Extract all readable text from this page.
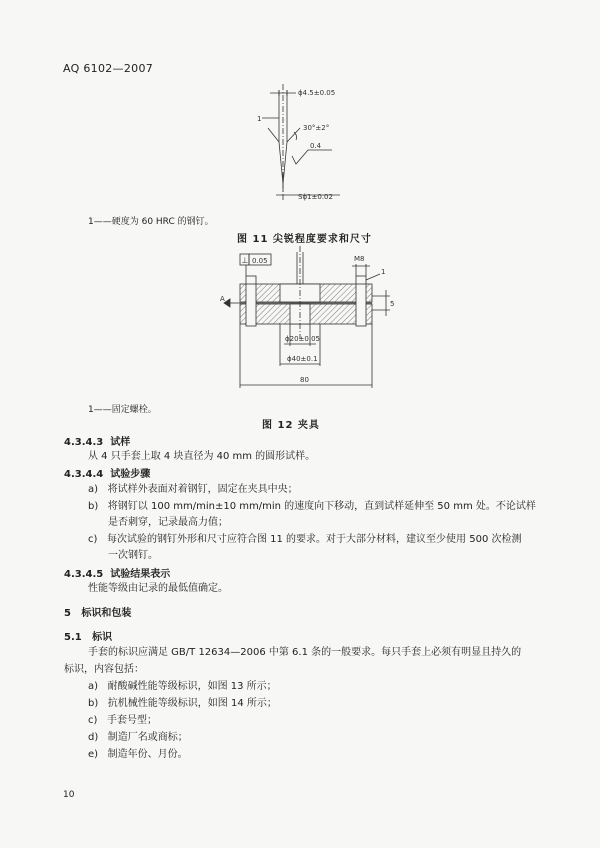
AQ 6102—2007
ϕ4.5±0.05
30°±2°
0.4
Sϕ1±0.02
1
1——硬度为 60 HRC 的钢钉。
图 11 尖锐程度要求和尺寸
⊥ 0.05
A
M8
1
5
ϕ20±0.05
ϕ40±0.1
80
1——固定螺栓。
图 12 夹具
4.3.4.3 试样
从 4 只手套上取 4 块直径为 40 mm 的圆形试样。
4.3.4.4 试验步骤
a) 将试样外表面对着钢钉，固定在夹具中央；
b) 将钢钉以 100 mm/min±10 mm/min 的速度向下移动，直到试样延伸至 50 mm 处。不论试样
是否刺穿，记录最高力值；
c) 每次试验的钢钉外形和尺寸应符合图 11 的要求。对于大部分材料，建议至少使用 500 次检测
一次钢钉。
4.3.4.5 试验结果表示
性能等级由记录的最低值确定。
5 标识和包装
5.1 标识
手套的标识应满足 GB/T 12634—2006 中第 6.1 条的一般要求。每只手套上必须有明显且持久的
标识，内容包括：
a) 耐酸碱性能等级标识，如图 13 所示；
b) 抗机械性能等级标识，如图 14 所示；
c) 手套号型；
d) 制造厂名或商标；
e) 制造年份、月份。
10
